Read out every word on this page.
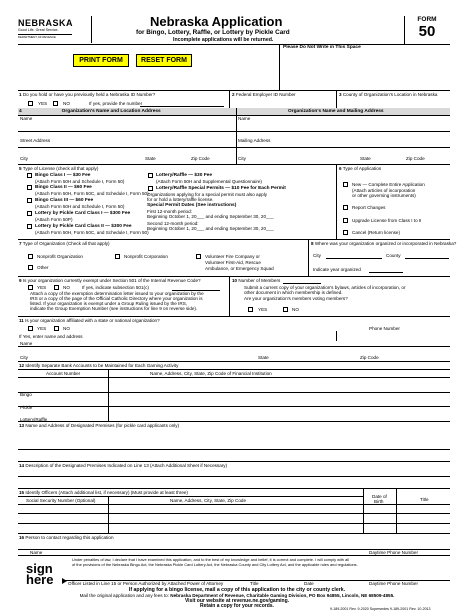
NEBRASKA
Good Life. Great Service.
DEPARTMENT OF REVENUE
Nebraska Application
for Bingo, Lottery, Raffle, or Lottery by Pickle Card
Incomplete applications will be returned.
FORM
50
Please Do Not Write in This Space
PRINT FORM	RESET FORM
1 Do you hold or have you previously held a Nebraska ID Number?
YES	NO	If yes, provide the number
2 Federal Employer ID Number	3 County of Organization's Location in Nebraska
4	Organization's Name and Location Address	Organization's Name and Mailing Address
Name	Name
Street Address	Mailing Address
City	State	Zip Code	City	State	Zip Code
5 Type of License (check all that apply)
Bingo Class I — $30 Fee
(Attach Form 50H and Schedule I, Form 50)
Bingo Class II — $60 Fee
(Attach Form 50H, Form 50C, and Schedule I, Form 50)
Bingo Class III — $60 Fee
(Attach Form 50H and Schedule I, Form 50)
Lottery by Pickle Card Class I — $300 Fee
(Attach Form 50P)
Lottery by Pickle Card Class II — $300 Fee
(Attach Form 50H, Form 50C, and Schedule I, Form 50)
Lottery/Raffle — $30 Fee
(Attach Form 50H and Supplemental Questionnaire)
Lottery/Raffle Special Permits — $10 Fee for Each Permit
Organizations applying for a special permit must also apply
for or hold a lottery/raffle license.
Special Permit Dates (See instructions)
First 12-month period:
Beginning October 1, 20___ and ending September 30, 20___
Second 12-month period:
Beginning October 1, 20___ and ending September 30, 20___
6 Type of Application
New — Complete Entire Application
(Attach articles of incorporation
or other governing instruments)
Report Changes
Upgrade License from Class I to II
Cancel (Return license)
7 Type of Organization (Check all that apply)
Nonprofit Organization	Nonprofit Corporation
Other
Volunteer Fire Company or
Volunteer First-Aid, Rescue
Ambulance, or Emergency Squad
8 Where was your organization organized or incorporated in Nebraska?
City	County
Indicate year organized
9 Is your organization currently exempt under Section 501 of the Internal Revenue Code?
YES	NO	If yes, indicate subsection 501(c)
Attach a copy of the exemption determination letter issued to your organization by the
IRS or a copy of the page of the Official Catholic Directory where your organization is
listed. If your organization is exempt under a Group Ruling issued by the IRS,
indicate the Group Exemption Number (see instructions for line 9 on reverse side).
10 Number of Members
Submit a current copy of your organization's bylaws, articles of incorporation, or
other document in which membership is defined.
Are your organization's members voting members?
YES	NO
11 Is your organization affiliated with a state or national organization?
YES	NO	Phone Number
If Yes, enter name and address
Name
City	State	Zip Code
12 Identify Separate Bank Accounts to be Maintained for Each Gaming Activity
Account Number	Name, Address, City, State, Zip Code of Financial Institution
Bingo
Pickle
Lottery/Raffle
13 Name and Address of Designated Premises (for pickle card applicants only)
14 Description of the Designated Premises Indicated on Line 13 (Attach Additional Sheet if Necessary)
15 Identify Officers (Attach additional list, if necessary) (Must provide at least three)
Social Security Number (Optional)	Name, Address, City, State, Zip Code
Date of
Birth	Title
16 Person to contact regarding this application
Name	Daytime Phone Number
sign
here
Under penalties of law, I declare that I have examined this application, and to the best of my knowledge and belief, it is correct and complete. I will comply with all
of the provisions of the Nebraska Bingo Act, the Nebraska Pickle Card Lottery Act, the Nebraska County and City Lottery Act, and the applicable rules and regulations.
Officer Listed in Line 15 or Person Authorized by Attached Power of Attorney	Title	Date	Daytime Phone Number
If applying for a bingo license, mail a copy of this application to the city or county clerk.
Mail the original application and any fees to: Nebraska Department of Revenue, Charitable Gaming Division, PO Box 94855, Lincoln, NE 68509-4855.
Visit our website at revenue.ne.gov/gaming.
Retain a copy for your records.	9-189-2001 Rev. 9-2020 Supersedes 9-189-2001 Rev. 10-2013
